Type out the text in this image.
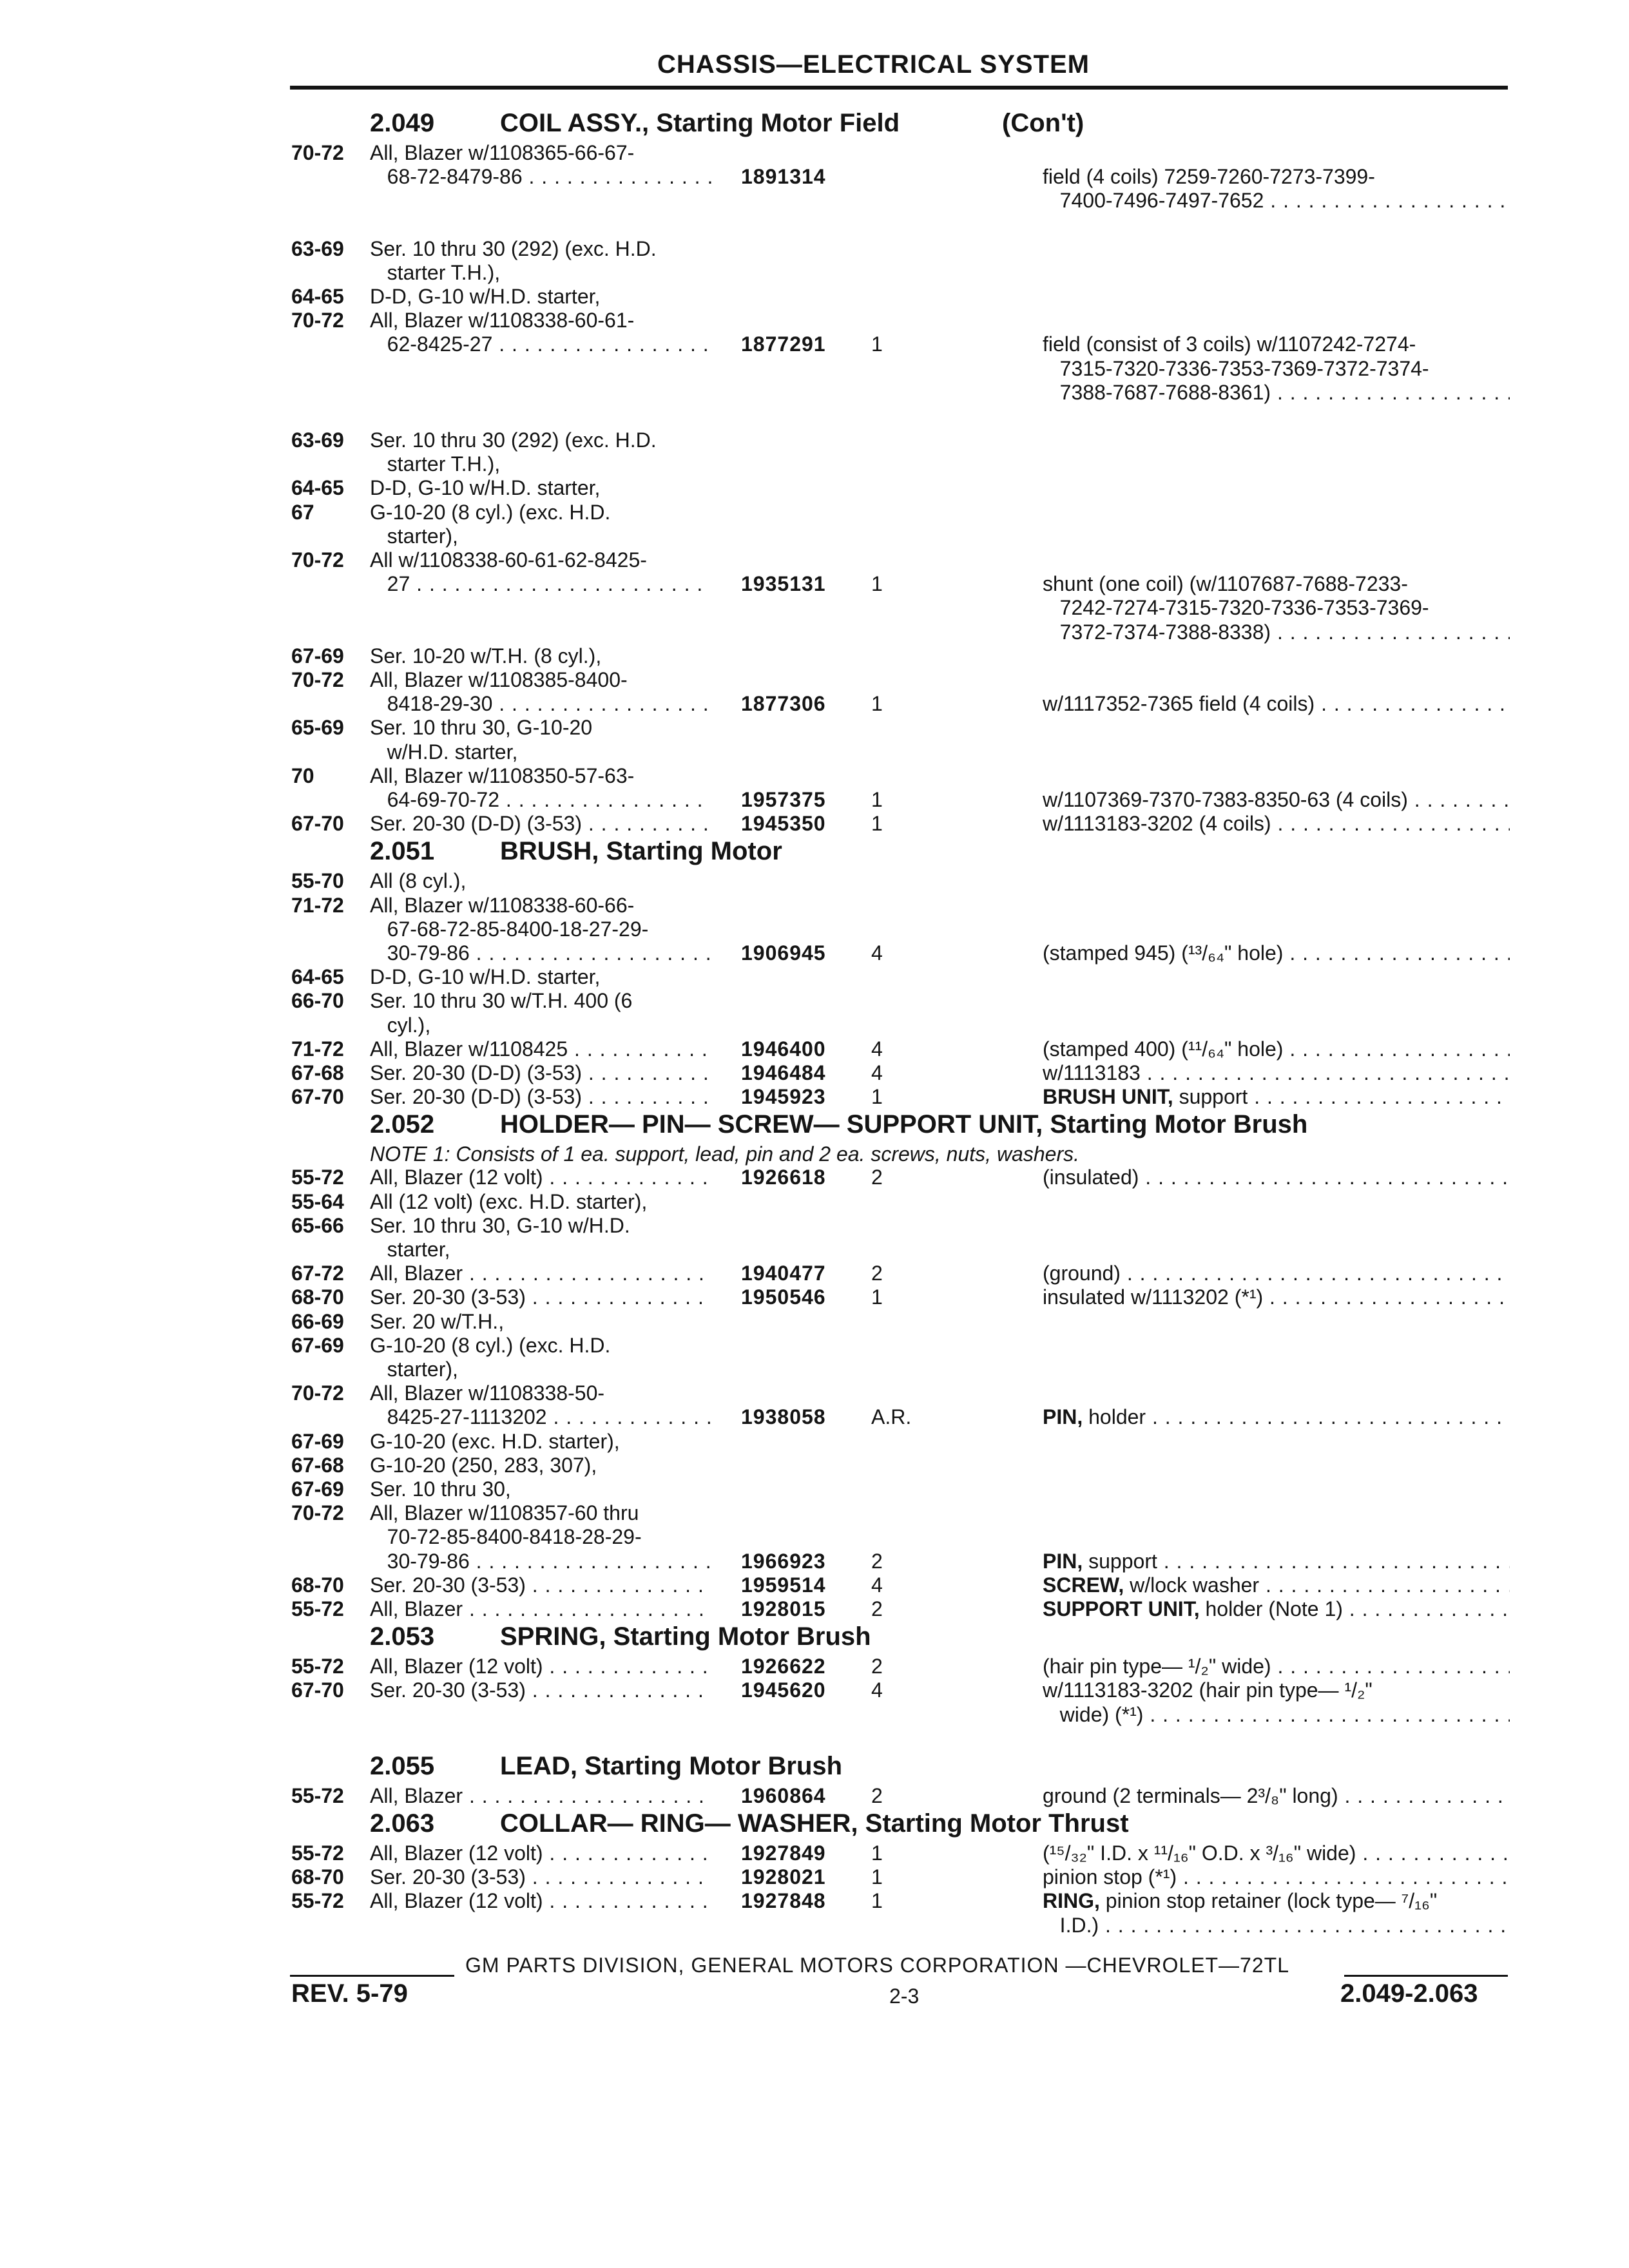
CHASSIS—ELECTRICAL SYSTEM
2.049	COIL ASSY., Starting Motor Field	(Con't)
70-72 All, Blazer w/1108365-66-67-
68-72-8479-86 . . .	1891314	field (4 coils) 7259-7260-7273-7399-
7400-7496-7497-7652 . . .
63-69 Ser. 10 thru 30 (292) (exc. H.D.
starter T.H.),
64-65 D-D, G-10 w/H.D. starter,
70-72 All, Blazer w/1108338-60-61-
62-8425-27 . . .	1877291 1	field (consist of 3 coils) w/1107242-7274-
7315-7320-7336-7353-7369-7372-7374-
7388-7687-7688-8361) . . .
63-69 Ser. 10 thru 30 (292) (exc. H.D.
starter T.H.),
64-65 D-D, G-10 w/H.D. starter,
67	G-10-20 (8 cyl.) (exc. H.D.
starter),
70-72 All w/1108338-60-61-62-8425-
27 . . .	1935131 1	shunt (one coil) (w/1107687-7688-7233-
7242-7274-7315-7320-7336-7353-7369-
7372-7374-7388-8338) . . .
67-69 Ser. 10-20 w/T.H. (8 cyl.),
70-72 All, Blazer w/1108385-8400-
8418-29-30 . . .	1877306 1	w/1117352-7365 field (4 coils) . . .
65-69 Ser. 10 thru 30, G-10-20
w/H.D. starter,
70	All, Blazer w/1108350-57-63-
64-69-70-72 . . .	1957375 1	w/1107369-7370-7383-8350-63 (4 coils) . . .
67-70 Ser. 20-30 (D-D) (3-53) . . .	1945350 1	w/1113183-3202 (4 coils) . . .
2.051	BRUSH, Starting Motor
55-70 All (8 cyl.),
71-72 All, Blazer w/1108338-60-66-
67-68-72-85-8400-18-27-29-
30-79-86 . . .	1906945 4	(stamped 945) (¹³/₆₄" hole) . . .
64-65 D-D, G-10 w/H.D. starter,
66-70 Ser. 10 thru 30 w/T.H. 400 (6
cyl.),
71-72 All, Blazer w/1108425 . . .	1946400 4	(stamped 400) (¹¹/₆₄" hole) . . .
67-68 Ser. 20-30 (D-D) (3-53) . . .	1946484 4	w/1113183 . . .
67-70 Ser. 20-30 (D-D) (3-53) . . .	1945923 1	BRUSH UNIT, support . . .
2.052	HOLDER— PIN— SCREW— SUPPORT UNIT, Starting Motor Brush
NOTE 1: Consists of 1 ea. support, lead, pin and 2 ea. screws, nuts, washers.
55-72 All, Blazer (12 volt) . . .	1926618 2	(insulated) . . .
55-64 All (12 volt) (exc. H.D. starter),
65-66 Ser. 10 thru 30, G-10 w/H.D.
starter,
67-72 All, Blazer . . .	1940477 2	(ground) . . .
68-70 Ser. 20-30 (3-53) . . .	1950546 1	insulated w/1113202 (*¹) . . .
66-69 Ser. 20 w/T.H.,
67-69 G-10-20 (8 cyl.) (exc. H.D.
starter),
70-72 All, Blazer w/1108338-50-
8425-27-1113202 . . .	1938058 A.R.	PIN, holder . . .
67-69 G-10-20 (exc. H.D. starter),
67-68 G-10-20 (250, 283, 307),
67-69 Ser. 10 thru 30,
70-72 All, Blazer w/1108357-60 thru
70-72-85-8400-8418-28-29-
30-79-86 . . .	1966923 2	PIN, support . . .
68-70 Ser. 20-30 (3-53) . . .	1959514 4	SCREW, w/lock washer . . .
55-72 All, Blazer . . .	1928015 2	SUPPORT UNIT, holder (Note 1) . . .
2.053	SPRING, Starting Motor Brush
55-72 All, Blazer (12 volt) . . .	1926622 2	(hair pin type— ¹/₂" wide) . . .
67-70 Ser. 20-30 (3-53) . . .	1945620 4	w/1113183-3202 (hair pin type— ¹/₂"
wide) (*¹) . . .
2.055	LEAD, Starting Motor Brush
55-72 All, Blazer . . .	1960864 2	ground (2 terminals— 2³/₈" long) . . .
2.063	COLLAR— RING— WASHER, Starting Motor Thrust
55-72 All, Blazer (12 volt) . . .	1927849 1	(¹⁵/₃₂" I.D. x ¹¹/₁₆" O.D. x ³/₁₆" wide) . . .
68-70 Ser. 20-30 (3-53) . . .	1928021 1	pinion stop (*¹) . . .
55-72 All, Blazer (12 volt) . . .	1927848 1	RING, pinion stop retainer (lock type— ⁷/₁₆"
I.D.) . . .
GM PARTS DIVISION, GENERAL MOTORS CORPORATION —CHEVROLET—72TL
REV. 5-79	2-3	2.049-2.063
